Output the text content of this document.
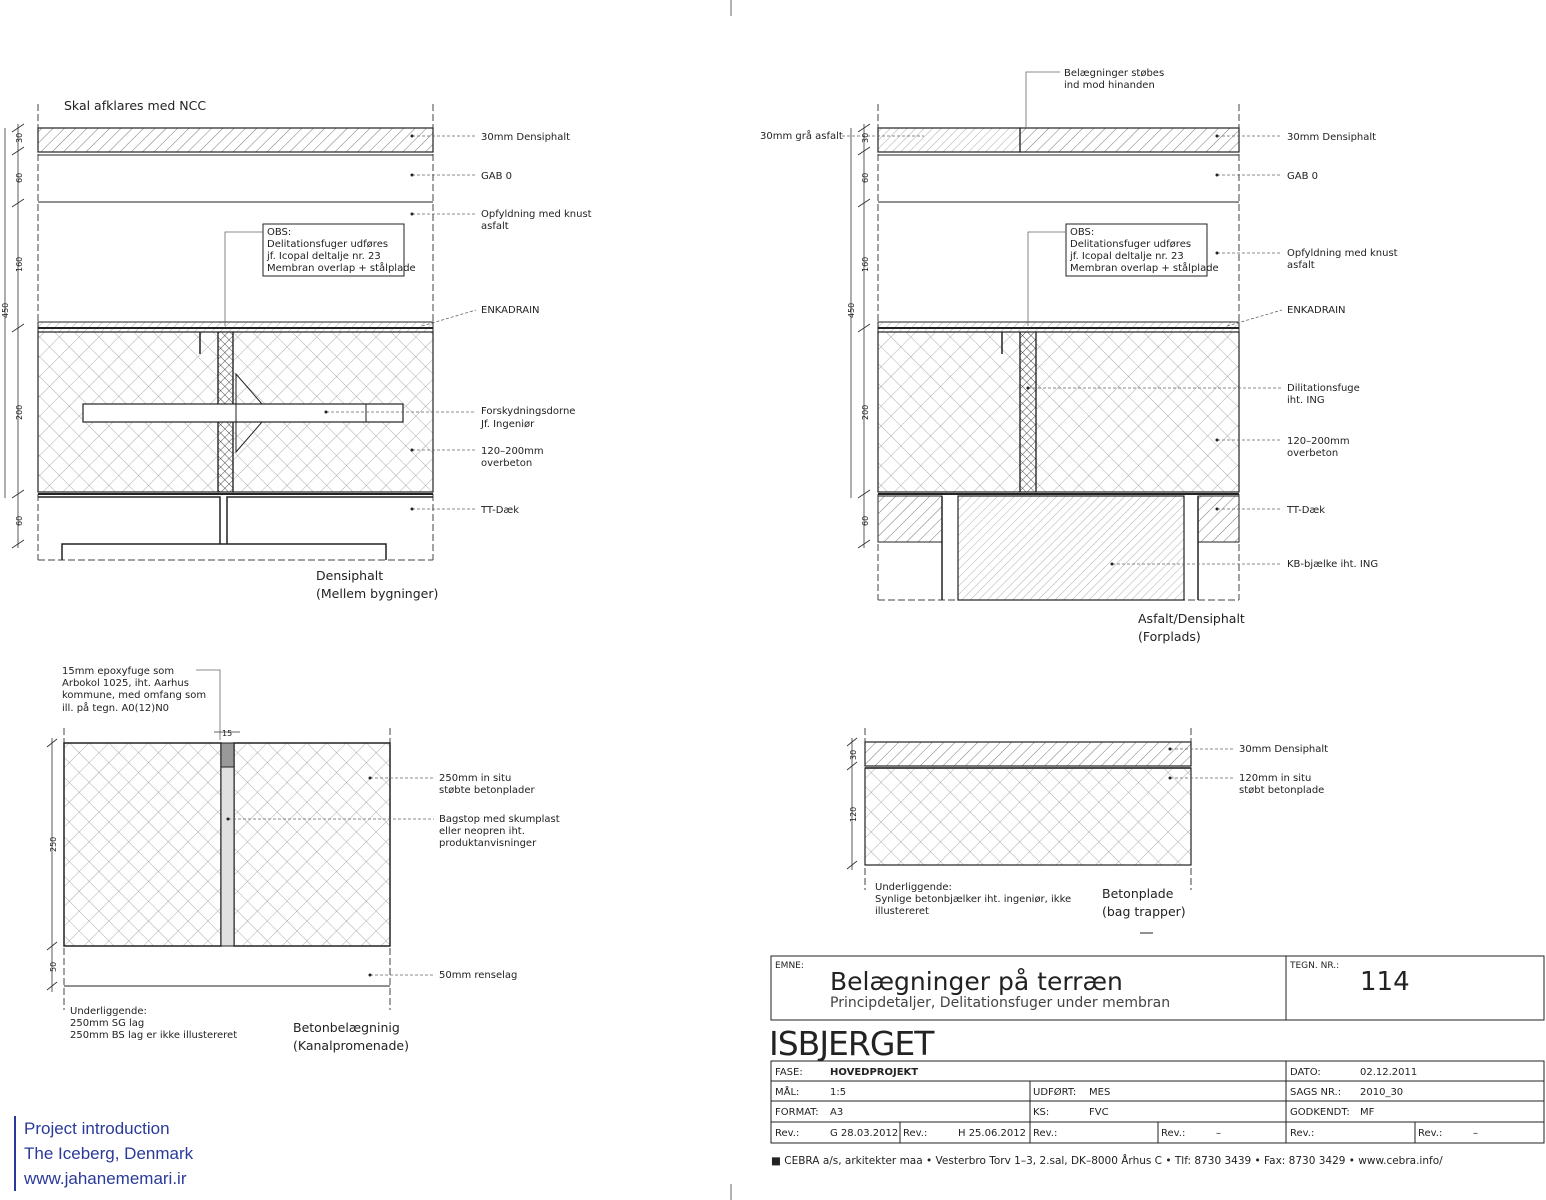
Skal afklares med NCC
OBS:
Delitationsfuger udføres
jf. Icopal deltalje nr. 23
Membran overlap + stålplade
30
60
160
450
200
60
30mm Densiphalt
GAB 0
Opfyldning med knust
asfalt
ENKADRAIN
Forskydningsdorne
Jf. Ingeniør
120–200mm
overbeton
TT-Dæk
Densiphalt
(Mellem bygninger)
OBS:
Delitationsfuger udføres
jf. Icopal deltalje nr. 23
Membran overlap + stålplade
Belægninger støbes
ind mod hinanden
30mm grå asfalt 30
60
160
450
200
60
30mm Densiphalt
GAB 0
Opfyldning med knust
asfalt
ENKADRAIN
Dilitationsfuge
iht. ING
120–200mm
overbeton
TT-Dæk
KB-bjælke iht. ING
Asfalt/Densiphalt
(Forplads)
15mm epoxyfuge som
Arbokol 1025, iht. Aarhus
kommune, med omfang som
ill. på tegn. A0(12)N0
15
250
50
250mm in situ
støbte betonplader
Bagstop med skumplast
eller neopren iht.
produktanvisninger
50mm renselag
Underliggende:
250mm SG lag
250mm BS lag er ikke illustereret
Betonbelægninig
(Kanalpromenade)
30
120
30mm Densiphalt
120mm in situ
støbt betonplade
Underliggende:
Synlige betonbjælker iht. ingeniør, ikke
illustereret
Betonplade
(bag trapper)
EMNE:
Belægninger på terræn
Principdetaljer, Delitationsfuger under membran
TEGN. NR.:
114
ISBJERGET
FASE:	HOVEDPROJEKT	DATO:	02.12.2011
MÅL:	1:5	UDFØRT: MES	SAGS NR.: 2010_30
FORMAT: A3	KS:	FVC	GODKENDT: MF
Rev.:	G 28.03.2012 Rev.:	H 25.06.2012 Rev.:	Rev.:	–	Rev.:	Rev.:	–
■ CEBRA a/s, arkitekter maa • Vesterbro Torv 1–3, 2.sal, DK–8000 Århus C • Tlf: 8730 3439 • Fax: 8730 3429 • www.cebra.info/
Project introduction
The Iceberg, Denmark
www.jahanememari.ir
